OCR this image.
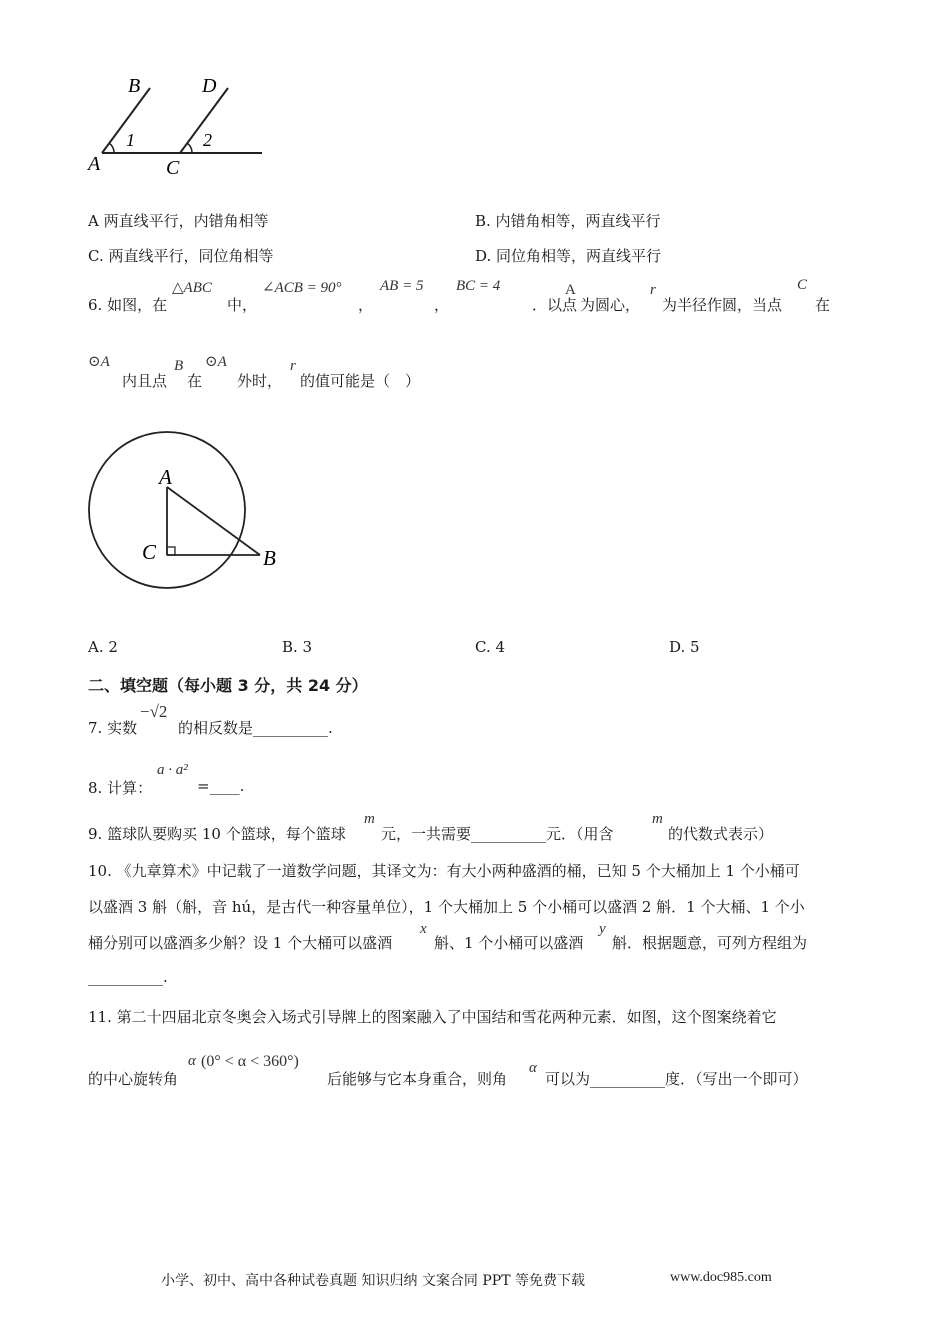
B	D
1	2
A	C
A 两直线平行，内错角相等	B. 内错角相等，两直线平行
C. 两直线平行，同位角相等	D. 同位角相等，两直线平行
6. 如图，在
△ABC
中，
∠ACB = 90°
，
AB = 5
，
BC = 4
．以点
A
为圆心，
r
为半径作圆，当点
C
在
⊙A
内且点
B
在
⊙A
外时，
r
的值可能是（　）
A
C	B
A. 2	B. 3	C. 4	D. 5
二、填空题（每小题 3 分，共 24 分）
7. 实数
−√2
的相反数是__________.
8. 计算：
a · a²
=____.
9. 篮球队要购买 10 个篮球，每个篮球
m
元，一共需要__________元．（用含
m
的代数式表示）
10. 《九章算术》中记载了一道数学问题，其译文为：有大小两种盛酒的桶，已知 5 个大桶加上 1 个小桶可
以盛酒 3 斛（斛，音 hú，是古代一种容量单位），1 个大桶加上 5 个小桶可以盛酒 2 斛．1 个大桶、1 个小
桶分别可以盛酒多少斛？设 1 个大桶可以盛酒
x
斛、1 个小桶可以盛酒
y
斛．根据题意，可列方程组为
__________.
11. 第二十四届北京冬奥会入场式引导牌上的图案融入了中国结和雪花两种元素．如图，这个图案绕着它
的中心旋转角
α (0° < α < 360°)
后能够与它本身重合，则角
α
可以为__________度．（写出一个即可）
小学、初中、高中各种试卷真题 知识归纳 文案合同 PPT 等免费下载	www.doc985.com
